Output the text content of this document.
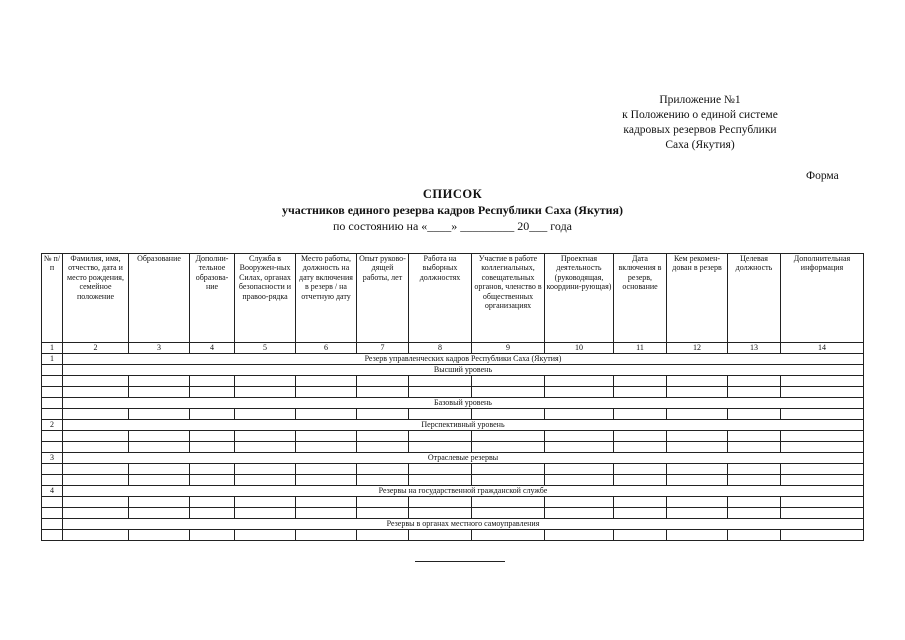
Приложение №1
к Положению о единой системе
кадровых резервов Республики
Саха (Якутия)
Форма
СПИСОК
участников единого резерва кадров Республики Саха (Якутия)
по состоянию на «____» _________ 20___ года
№ п/п	Фамилия, имя, отчество, дата и место рождения, семейное положение	Образование	Дополни-тельное образова-ние	Служба в Вооружен-ных Силах, органах безопасности и правоо-рядка	Место работы, должность на дату включения в резерв / на отчетную дату	Опыт руково-дящей работы, лет	Работа на выборных должностях	Участие в работе коллегиальных, совещательных органов, членство в общественных организациях	Проектная деятельность (руководящая, координи-рующая)	Дата включения в резерв, основание	Кем рекомен-дован в резерв	Целевая должность	Дополнительная информация
1	2	3	4	5	6	7	8	9	10	11	12	13	14
1	Резерв управленческих кадров Республики Саха (Якутия)												
	Высший уровень												

	Базовый уровень												

2	Перспективный уровень												

3	Отраслевые резервы												

4	Резервы на государственной гражданской службе												

	Резервы в органах местного самоуправления												
